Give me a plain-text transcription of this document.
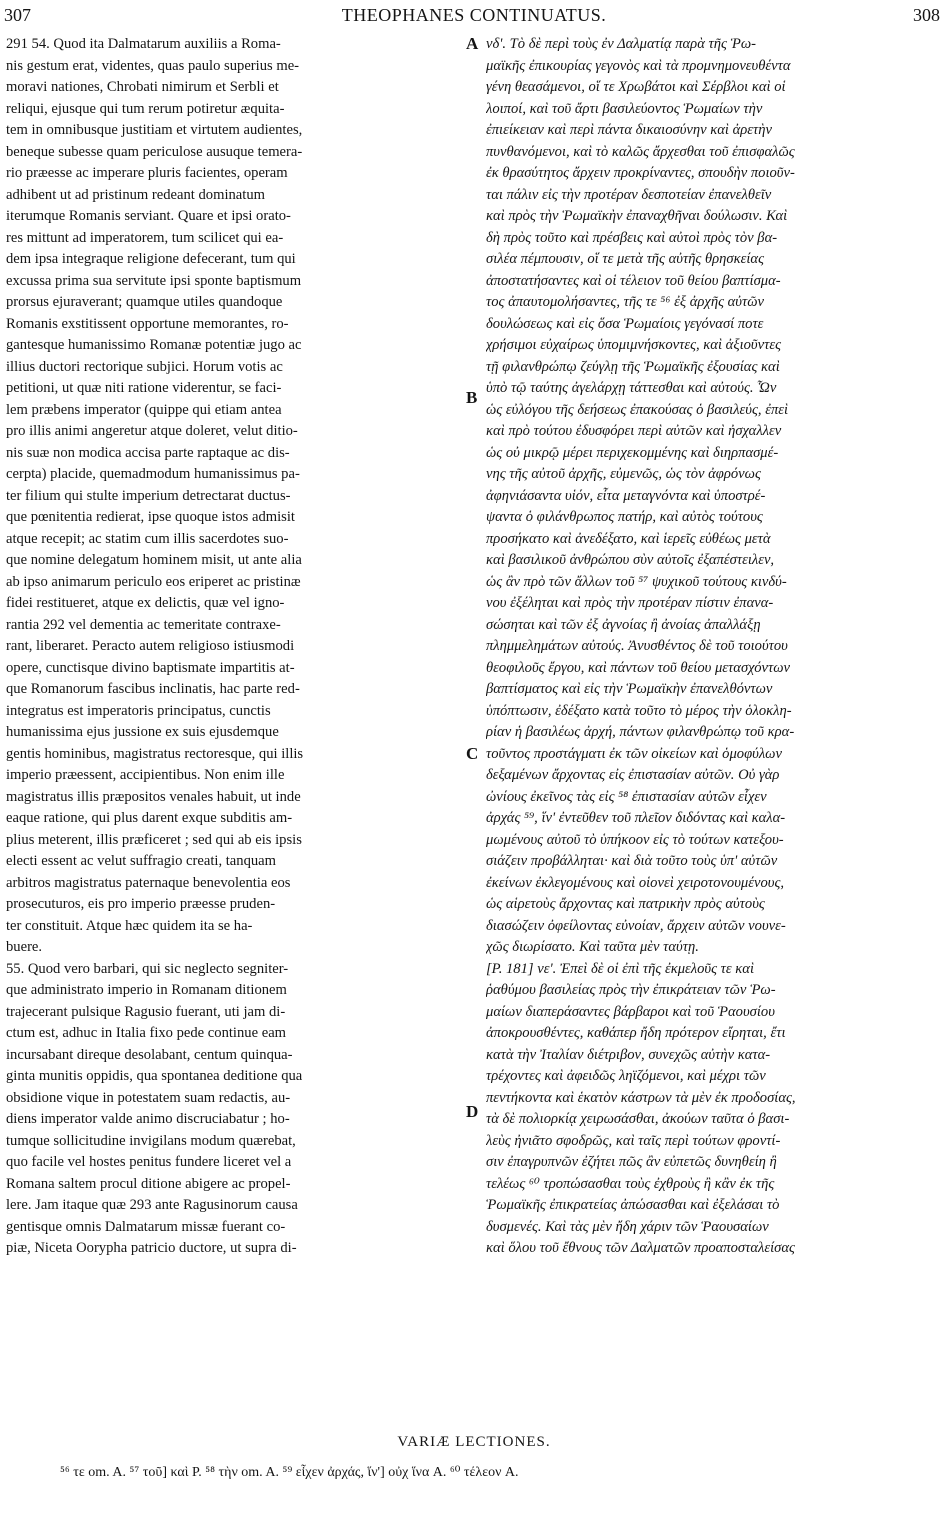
307	THEOPHANES CONTINUATUS.	308
A
B
C
D
291 54. Quod ita Dalmatarum auxiliis a Roma-
nis gestum erat, videntes, quas paulo superius me-
moravi nationes, Chrobati nimirum et Serbli et
reliqui, ejusque qui tum rerum potiretur æquita-
tem in omnibusque justitiam et virtutem audientes,
beneque subesse quam periculose ausuque temera-
rio præesse ac imperare pluris facientes, operam
adhibent ut ad pristinum redeant dominatum
iterumque Romanis serviant. Quare et ipsi orato-
res mittunt ad imperatorem, tum scilicet qui ea-
dem ipsa integraque religione defecerant, tum qui
excussa prima sua servitute ipsi sponte baptismum
prorsus ejuraverant; quamque utiles quandoque
Romanis exstitissent opportune memorantes, ro-
gantesque humanissimo Romanæ potentiæ jugo ac
illius ductori rectorique subjici. Horum votis ac
petitioni, ut quæ niti ratione viderentur, se faci-
lem præbens imperator (quippe qui etiam antea
pro illis animi angeretur atque doleret, velut ditio-
nis suæ non modica accisa parte raptaque ac dis-
cerpta) placide, quemadmodum humanissimus pa-
ter filium qui stulte imperium detrectarat ductus-
que pœnitentia redierat, ipse quoque istos admisit
atque recepit; ac statim cum illis sacerdotes suo-
que nomine delegatum hominem misit, ut ante alia
ab ipso animarum periculo eos eriperet ac pristinæ
fidei restitueret, atque ex delictis, quæ vel igno-
rantia 292 vel dementia ac temeritate contraxe-
rant, liberaret. Peracto autem religioso istiusmodi
opere, cunctisque divino baptismate impartitis at-
que Romanorum fascibus inclinatis, hac parte red-
integratus est imperatoris principatus, cunctis
humanissima ejus jussione ex suis ejusdemque
gentis hominibus, magistratus rectoresque, qui illis
imperio præessent, accipientibus. Non enim ille
magistratus illis præpositos venales habuit, ut inde
eaque ratione, qui plus darent exque subditis am-
plius meterent, illis præficeret ; sed qui ab eis ipsis
electi essent ac velut suffragio creati, tanquam
arbitros magistratus paternaque benevolentia eos
prosecuturos, eis pro imperio præesse pruden-
ter constituit. Atque hæc quidem ita se ha-
buere.
55. Quod vero barbari, qui sic neglecto segniter-
que administrato imperio in Romanam ditionem
trajecerant pulsique Ragusio fuerant, uti jam di-
ctum est, adhuc in Italia fixo pede continue eam
incursabant direque desolabant, centum quinqua-
ginta munitis oppidis, qua spontanea deditione qua
obsidione vique in potestatem suam redactis, au-
diens imperator valde animo discruciabatur ; ho-
tumque sollicitudine invigilans modum quærebat,
quo facile vel hostes penitus fundere liceret vel a
Romana saltem procul ditione abigere ac propel-
lere. Jam itaque quæ 293 ante Ragusinorum causa
gentisque omnis Dalmatarum missæ fuerant co-
piæ, Niceta Oorypha patricio ductore, ut supra di-
νδ'. Τὸ δὲ περὶ τοὺς ἐν Δαλματίᾳ παρὰ τῆς Ῥω-
μαϊκῆς ἐπικουρίας γεγονὸς καὶ τὰ προμνημονευθέντα
γένη θεασάμενοι, οἵ τε Χρωβάτοι καὶ Σέρβλοι καὶ οἱ
λοιποί, καὶ τοῦ ἄρτι βασιλεύοντος Ῥωμαίων τὴν
ἐπιείκειαν καὶ περὶ πάντα δικαιοσύνην καὶ ἀρετὴν
πυνθανόμενοι, καὶ τὸ καλῶς ἄρχεσθαι τοῦ ἐπισφαλῶς
ἐκ θρασύτητος ἄρχειν προκρίναντες, σπουδὴν ποιοῦν-
ται πάλιν εἰς τὴν προτέραν δεσποτείαν ἐπανελθεῖν
καὶ πρὸς τὴν Ῥωμαϊκὴν ἐπαναχθῆναι δούλωσιν. Καὶ
δὴ πρὸς τοῦτο καὶ πρέσβεις καὶ αὐτοὶ πρὸς τὸν βα-
σιλέα πέμπουσιν, οἵ τε μετὰ τῆς αὐτῆς θρησκείας
ἀποστατήσαντες καὶ οἱ τέλειον τοῦ θείου βαπτίσμα-
τος ἀπαυτομολήσαντες, τῆς τε ⁵⁶ ἐξ ἀρχῆς αὐτῶν
δουλώσεως καὶ εἰς ὅσα Ῥωμαίοις γεγόνασί ποτε
χρήσιμοι εὐχαίρως ὑπομιμνήσκοντες, καὶ ἀξιοῦντες
τῇ φιλανθρώπῳ ζεύγλῃ τῆς Ῥωμαϊκῆς ἐξουσίας καὶ
ὑπὸ τῷ ταύτης ἀγελάρχῃ τάττεσθαι καὶ αὐτούς. Ὧν
ὡς εὐλόγου τῆς δεήσεως ἐπακούσας ὁ βασιλεύς, ἐπεὶ
καὶ πρὸ τούτου ἐδυσφόρει περὶ αὐτῶν καὶ ἠσχαλλεν
ὡς οὐ μικρῷ μέρει περιχεκομμένης καὶ διηρπασμέ-
νης τῆς αὐτοῦ ἀρχῆς, εὐμενῶς, ὡς τὸν ἀφρόνως
ἀφηνιάσαντα υἱόν, εἶτα μεταγνόντα καὶ ὑποστρέ-
ψαντα ὁ φιλάνθρωπος πατήρ, καὶ αὐτὸς τούτους
προσήκατο καὶ ἀνεδέξατο, καὶ ἱερεῖς εὐθέως μετὰ
καὶ βασιλικοῦ ἀνθρώπου σὺν αὐτοῖς ἐξαπέστειλεν,
ὡς ἂν πρὸ τῶν ἄλλων τοῦ ⁵⁷ ψυχικοῦ τούτους κινδύ-
νου ἐξέληται καὶ πρὸς τὴν προτέραν πίστιν ἐπανα-
σώσηται καὶ τῶν ἐξ ἀγνοίας ἢ ἀνοίας ἀπαλλάξῃ
πλημμελημάτων αὐτούς. Ἀνυσθέντος δὲ τοῦ τοιούτου
θεοφιλοῦς ἔργου, καὶ πάντων τοῦ θείου μετασχόντων
βαπτίσματος καὶ εἰς τὴν Ῥωμαϊκὴν ἐπανελθόντων
ὑπόπτωσιν, ἐδέξατο κατὰ τοῦτο τὸ μέρος τὴν ὁλοκλη-
ρίαν ἡ βασιλέως ἀρχή, πάντων φιλανθρώπῳ τοῦ κρα-
τοῦντος προστάγματι ἐκ τῶν οἰκείων καὶ ὁμοφύλων
δεξαμένων ἄρχοντας εἰς ἐπιστασίαν αὐτῶν. Οὐ γὰρ
ὠνίους ἐκεῖνος τὰς εἰς ⁵⁸ ἐπιστασίαν αὐτῶν εἶχεν
ἀρχάς ⁵⁹, ἵν' ἐντεῦθεν τοῦ πλεῖον διδόντας καὶ καλα-
μωμένους αὐτοῦ τὸ ὑπήκοον εἰς τὸ τούτων κατεξου-
σιάζειν προβάλληται· καὶ διὰ τοῦτο τοὺς ὑπ' αὐτῶν
ἐκείνων ἐκλεγομένους καὶ οἱονεὶ χειροτονουμένους,
ὡς αἱρετοὺς ἄρχοντας καὶ πατρικὴν πρὸς αὐτοὺς
διασώζειν ὀφείλοντας εὐνοίαν, ἄρχειν αὐτῶν νουνε-
χῶς διωρίσατο. Καὶ ταῦτα μὲν ταύτῃ.
[P. 181] νε'. Ἐπεὶ δὲ οἱ ἐπὶ τῆς ἐκμελοῦς τε καὶ
ῥαθύμου βασιλείας πρὸς τὴν ἐπικράτειαν τῶν Ῥω-
μαίων διαπεράσαντες βάρβαροι καὶ τοῦ Ῥαουσίου
ἀποκρουσθέντες, καθάπερ ἤδη πρότερον εἴρηται, ἔτι
κατὰ τὴν Ἰταλίαν διέτριβον, συνεχῶς αὐτὴν κατα-
τρέχοντες καὶ ἀφειδῶς ληϊζόμενοι, καὶ μέχρι τῶν
πεντήκοντα καὶ ἑκατὸν κάστρων τὰ μὲν ἐκ προδοσίας,
τὰ δὲ πολιορκίᾳ χειρωσάσθαι, ἀκούων ταῦτα ὁ βασι-
λεὺς ἠνιᾶτο σφοδρῶς, καὶ ταῖς περὶ τούτων φροντί-
σιν ἐπαγρυπνῶν ἐζήτει πῶς ἂν εὐπετῶς δυνηθείη ἢ
τελέως ⁶⁰ τροπώσασθαι τοὺς ἐχθροὺς ἢ κἂν ἐκ τῆς
Ῥωμαϊκῆς ἐπικρατείας ἀπώσασθαι καὶ ἐξελάσαι τὸ
δυσμενές. Καὶ τὰς μὲν ἤδη χάριν τῶν Ῥαουσαίων
καὶ ὅλου τοῦ ἔθνους τῶν Δαλματῶν προαποσταλείσας
VARIÆ LECTIONES.
⁵⁶ τε om. A. ⁵⁷ τοῦ] καὶ P. ⁵⁸ τὴν om. A. ⁵⁹ εἶχεν ἀρχάς, ἵν'] οὐχ ἵνα A. ⁶⁰ τέλεον A.
